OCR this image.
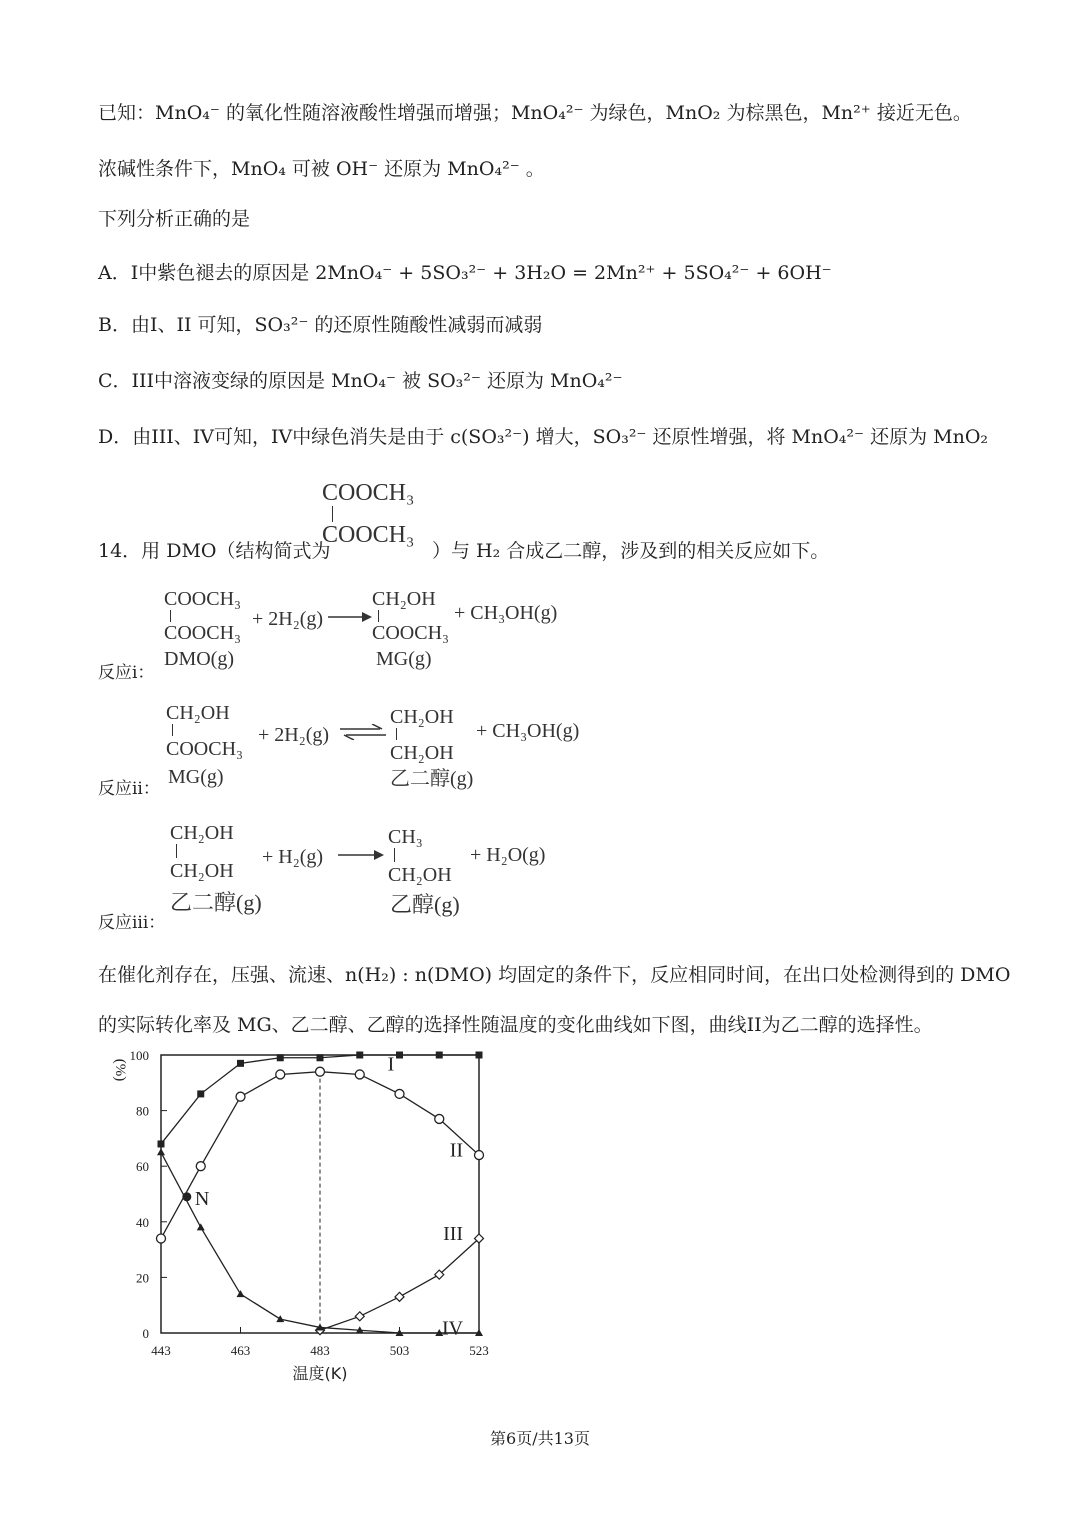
已知：MnO₄⁻ 的氧化性随溶液酸性增强而增强；MnO₄²⁻ 为绿色，MnO₂ 为棕黑色，Mn²⁺ 接近无色。
浓碱性条件下，MnO₄ 可被 OH⁻ 还原为 MnO₄²⁻ 。
下列分析正确的是
A．I中紫色褪去的原因是 2MnO₄⁻ + 5SO₃²⁻ + 3H₂O = 2Mn²⁺ + 5SO₄²⁻ + 6OH⁻
B．由I、II 可知，SO₃²⁻ 的还原性随酸性减弱而减弱
C．III中溶液变绿的原因是 MnO₄⁻ 被 SO₃²⁻ 还原为 MnO₄²⁻
D．由III、IV可知，IV中绿色消失是由于 c(SO₃²⁻) 增大，SO₃²⁻ 还原性增强，将 MnO₄²⁻ 还原为 MnO₂
14．用 DMO（结构简式为
COOCH₃
COOCH₃
）与 H₂ 合成乙二醇，涉及到的相关反应如下。
COOCH₃
COOCH₃
DMO(g)
+ 2H₂(g)
CH₂OH
COOCH₃
MG(g)
+ CH₃OH(g)
反应i：
CH₂OH
COOCH₃
MG(g)
+ 2H₂(g)
CH₂OH
CH₂OH
乙二醇(g)
+ CH₃OH(g)
反应ii：
CH₂OH
CH₂OH
乙二醇(g)
+ H₂(g)
CH₃
CH₂OH
乙醇(g)
+ H₂O(g)
反应iii：
在催化剂存在，压强、流速、n(H₂) : n(DMO) 均固定的条件下，反应相同时间，在出口处检测得到的 DMO
的实际转化率及 MG、乙二醇、乙醇的选择性随温度的变化曲线如下图，曲线II为乙二醇的选择性。
0
20
40
60
80
100
443	463	483	503	523
温度(K)
(%)	I
II
III
IV
N
第6页/共13页
